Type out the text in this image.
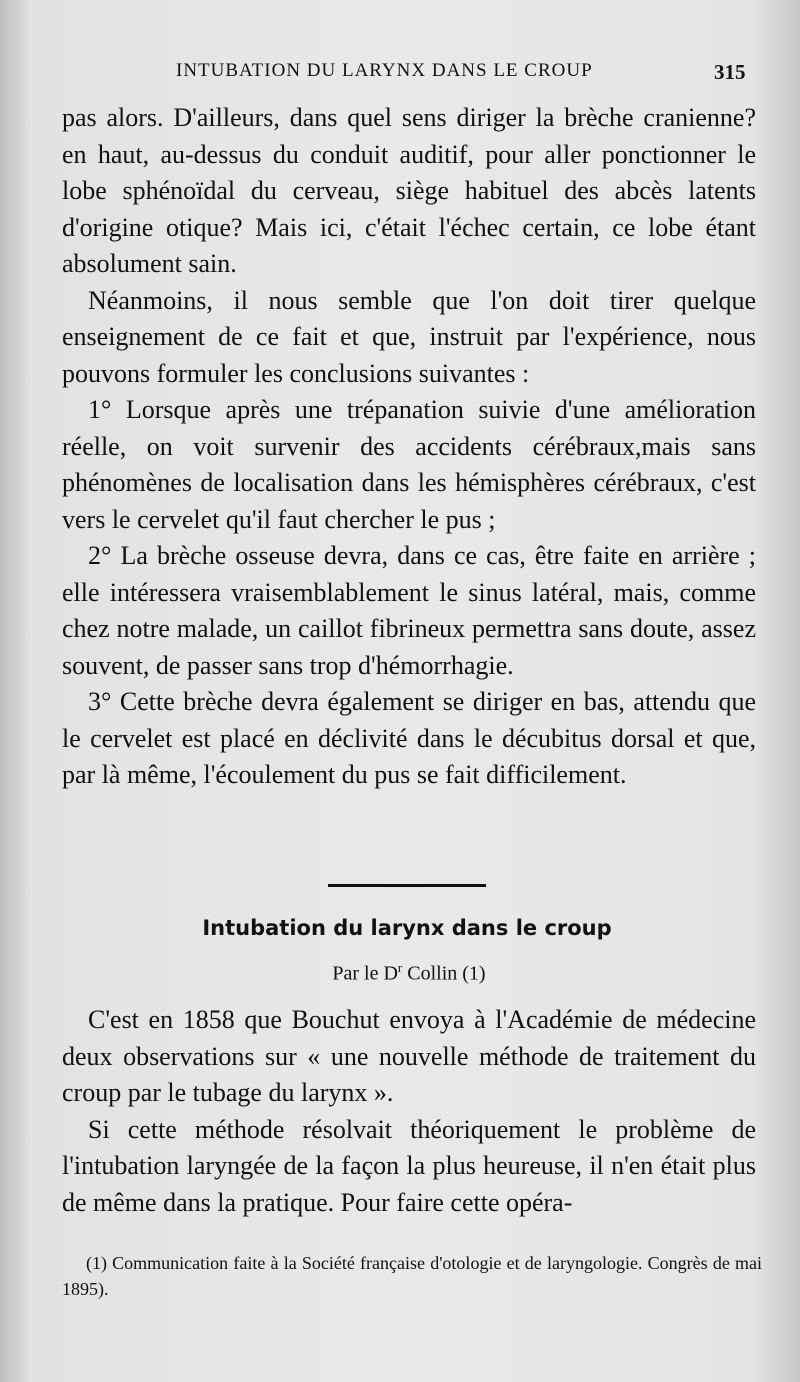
INTUBATION DU LARYNX DANS LE CROUP	315

pas alors. D'ailleurs, dans quel sens diriger la brèche cranienne? en haut, au-dessus du conduit auditif, pour aller ponctionner le lobe sphénoïdal du cerveau, siège habituel des abcès latents d'origine otique? Mais ici, c'était l'échec certain, ce lobe étant absolument sain.

Néanmoins, il nous semble que l'on doit tirer quelque enseignement de ce fait et que, instruit par l'expérience, nous pouvons formuler les conclusions suivantes :

1° Lorsque après une trépanation suivie d'une amélioration réelle, on voit survenir des accidents cérébraux,mais sans phénomènes de localisation dans les hémisphères cérébraux, c'est vers le cervelet qu'il faut chercher le pus ;

2° La brèche osseuse devra, dans ce cas, être faite en arrière ; elle intéressera vraisemblablement le sinus latéral, mais, comme chez notre malade, un caillot fibrineux permettra sans doute, assez souvent, de passer sans trop d'hémorrhagie.

3° Cette brèche devra également se diriger en bas, attendu que le cervelet est placé en déclivité dans le décubitus dorsal et que, par là même, l'écoulement du pus se fait difficilement.

Intubation du larynx dans le croup
Par le $D^r$ Collin (1)

C'est en 1858 que Bouchut envoya à l'Académie de médecine deux observations sur « une nouvelle méthode de traitement du croup par le tubage du larynx ».

Si cette méthode résolvait théoriquement le problème de l'intubation laryngée de la façon la plus heureuse, il n'en était plus de même dans la pratique. Pour faire cette opéra-

(1) Communication faite à la Société française d'otologie et de laryngologie. Congrès de mai 1895).
